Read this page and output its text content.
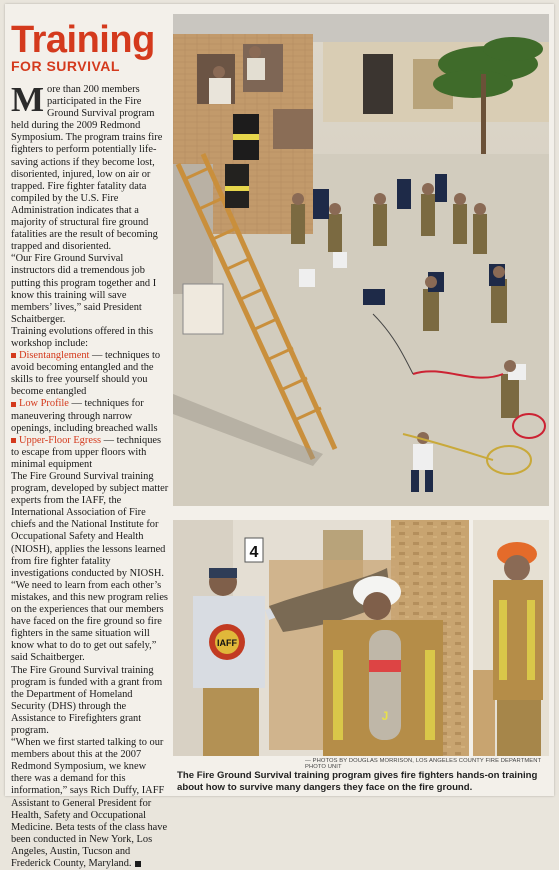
Training
FOR SURVIVAL

More than 200 members participated in the Fire Ground Survival program held during the 2009 Redmond Symposium. The program trains fire fighters to perform potentially life-saving actions if they become lost, disoriented, injured, low on air or trapped. Fire fighter fatality data compiled by the U.S. Fire Administration indicates that a majority of structural fire ground fatalities are the result of becoming trapped and disoriented.

“Our Fire Ground Survival instructors did a tremendous job putting this program together and I know this training will save members’ lives,” said President Schaitberger.

Training evolutions offered in this workshop include:

Disentanglement — techniques to avoid becoming entangled and the skills to free yourself should you become entangled

Low Profile — techniques for maneuvering through narrow openings, including breached walls

Upper-Floor Egress — techniques to escape from upper floors with minimal equipment

The Fire Ground Survival training program, developed by subject matter experts from the IAFF, the International Association of Fire chiefs and the National Institute for Occupational Safety and Health (NIOSH), applies the lessons learned from fire fighter fatality investigations conducted by NIOSH.

“We need to learn from each other’s mistakes, and this new program relies on the experiences that our members have faced on the fire ground so fire fighters in the same situation will know what to do to get out safely,” said Schaitberger.

The Fire Ground Survival training program is funded with a grant from the Department of Homeland Security (DHS) through the Assistance to Firefighters grant program.

“When we first started talking to our members about this at the 2007 Redmond Symposium, we knew there was a demand for this information,” says Rich Duffy, IAFF Assistant to General President for Health, Safety and Occupational Medicine. Beta tests of the class have been conducted in New York, Los Angeles, Austin, Tucson and Frederick County, Maryland.

4
IAFF
J
— PHOTOS BY DOUGLAS MORRISON, LOS ANGELES COUNTY FIRE DEPARTMENT PHOTO UNIT
The Fire Ground Survival training program gives fire fighters hands-on training about how to survive many dangers they face on the fire ground.
